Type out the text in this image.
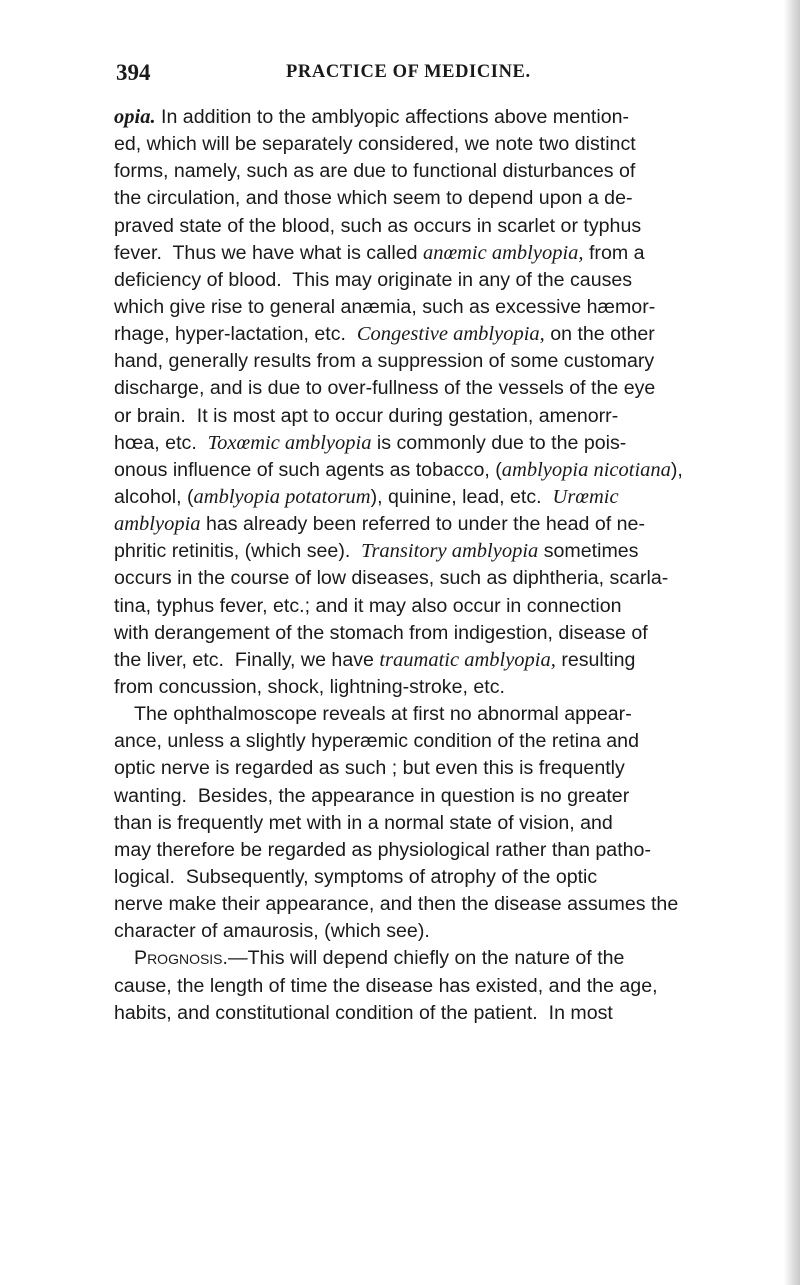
394	PRACTICE OF MEDICINE.
opia. In addition to the amblyopic affections above mention-
ed, which will be separately considered, we note two distinct
forms, namely, such as are due to functional disturbances of
the circulation, and those which seem to depend upon a de-
praved state of the blood, such as occurs in scarlet or typhus
fever.  Thus we have what is called anœmic amblyopia, from a
deficiency of blood.  This may originate in any of the causes
which give rise to general anæmia, such as excessive hæmor-
rhage, hyper-lactation, etc.  Congestive amblyopia, on the other
hand, generally results from a suppression of some customary
discharge, and is due to over-fullness of the vessels of the eye
or brain.  It is most apt to occur during gestation, amenorr-
hœa, etc.  Toxœmic amblyopia is commonly due to the pois-
onous influence of such agents as tobacco, (amblyopia nicotiana),
alcohol, (amblyopia potatorum), quinine, lead, etc.  Urœmic
amblyopia has already been referred to under the head of ne-
phritic retinitis, (which see).  Transitory amblyopia sometimes
occurs in the course of low diseases, such as diphtheria, scarla-
tina, typhus fever, etc.; and it may also occur in connection
with derangement of the stomach from indigestion, disease of
the liver, etc.  Finally, we have traumatic amblyopia, resulting
from concussion, shock, lightning-stroke, etc.
The ophthalmoscope reveals at first no abnormal appear-
ance, unless a slightly hyperæmic condition of the retina and
optic nerve is regarded as such ; but even this is frequently
wanting.  Besides, the appearance in question is no greater
than is frequently met with in a normal state of vision, and
may therefore be regarded as physiological rather than patho-
logical.  Subsequently, symptoms of atrophy of the optic
nerve make their appearance, and then the disease assumes the
character of amaurosis, (which see).
Prognosis.—This will depend chiefly on the nature of the
cause, the length of time the disease has existed, and the age,
habits, and constitutional condition of the patient.  In most
